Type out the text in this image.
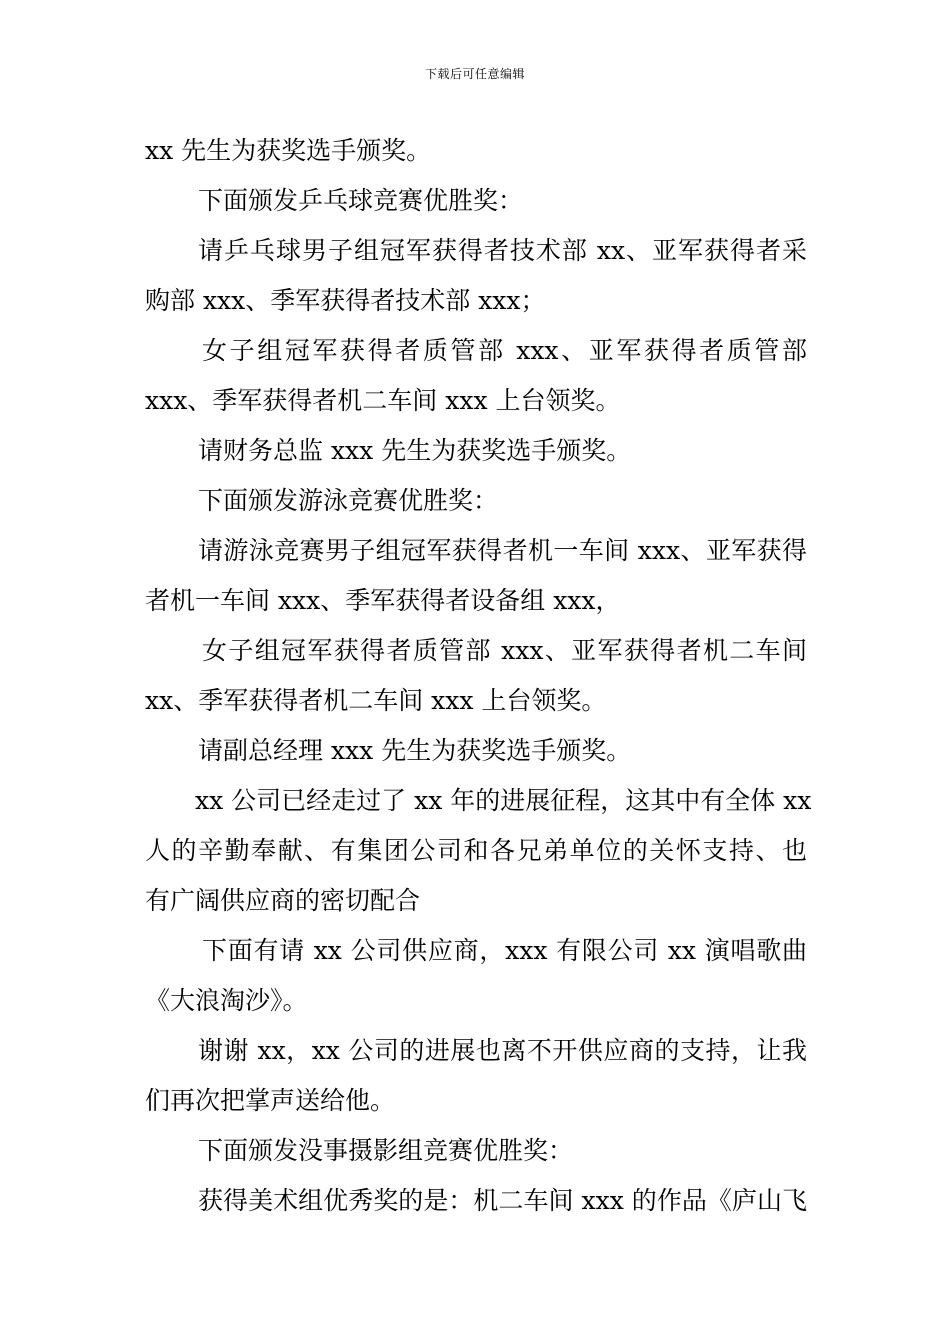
下载后可任意编辑
xx 先生为获奖选手颁奖。
下面颁发乒乓球竞赛优胜奖：
请乒乓球男子组冠军获得者技术部 xx、亚军获得者采
购部 xxx、季军获得者技术部 xxx；
女子组冠军获得者质管部 xxx、亚军获得者质管部
xxx、季军获得者机二车间 xxx 上台领奖。
请财务总监 xxx 先生为获奖选手颁奖。
下面颁发游泳竞赛优胜奖：
请游泳竞赛男子组冠军获得者机一车间 xxx、亚军获得
者机一车间 xxx、季军获得者设备组 xxx，
女子组冠军获得者质管部 xxx、亚军获得者机二车间
xx、季军获得者机二车间 xxx 上台领奖。
请副总经理 xxx 先生为获奖选手颁奖。
xx 公司已经走过了 xx 年的进展征程，这其中有全体 xx
人的辛勤奉献、有集团公司和各兄弟单位的关怀支持、也
有广阔供应商的密切配合
下面有请 xx 公司供应商，xxx 有限公司 xx 演唱歌曲
《大浪淘沙》。
谢谢 xx，xx 公司的进展也离不开供应商的支持，让我
们再次把掌声送给他。
下面颁发没事摄影组竞赛优胜奖：
获得美术组优秀奖的是：机二车间 xxx 的作品《庐山飞
